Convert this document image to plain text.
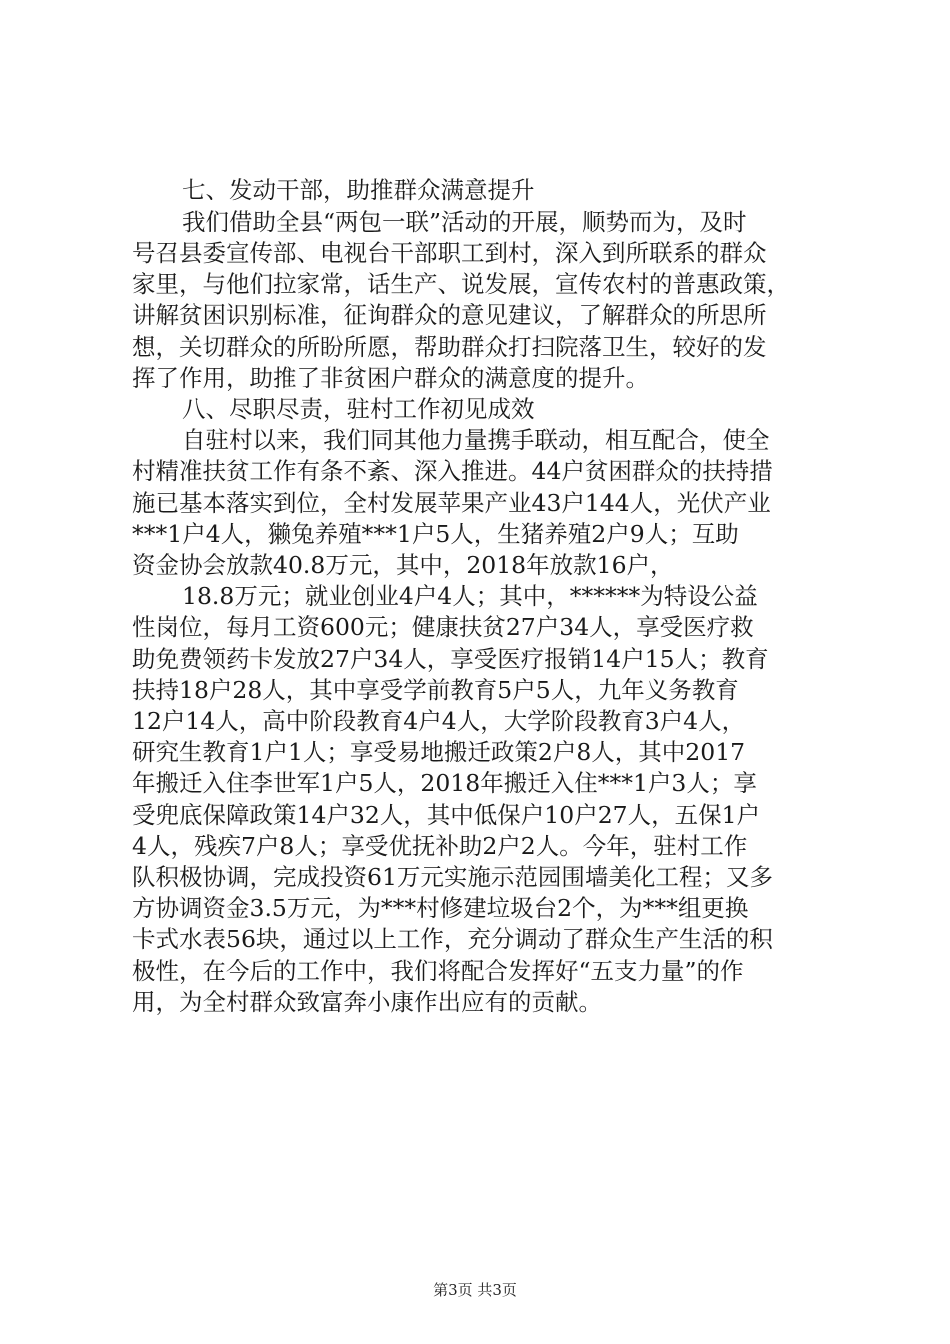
七、发动干部，助推群众满意提升
我们借助全县“两包一联”活动的开展，顺势而为，及时
号召县委宣传部、电视台干部职工到村，深入到所联系的群众
家里，与他们拉家常，话生产、说发展，宣传农村的普惠政策，
讲解贫困识别标准，征询群众的意见建议，了解群众的所思所
想，关切群众的所盼所愿，帮助群众打扫院落卫生，较好的发
挥了作用，助推了非贫困户群众的满意度的提升。
八、尽职尽责，驻村工作初见成效
自驻村以来，我们同其他力量携手联动，相互配合，使全
村精准扶贫工作有条不紊、深入推进。44户贫困群众的扶持措
施已基本落实到位，全村发展苹果产业43户144人，光伏产业
***1户4人，獭兔养殖***1户5人，生猪养殖2户9人；互助
资金协会放款40.8万元，其中，2018年放款16户，
18.8万元；就业创业4户4人；其中，******为特设公益
性岗位，每月工资600元；健康扶贫27户34人，享受医疗救
助免费领药卡发放27户34人，享受医疗报销14户15人；教育
扶持18户28人，其中享受学前教育5户5人，九年义务教育
12户14人，高中阶段教育4户4人，大学阶段教育3户4人，
研究生教育1户1人；享受易地搬迁政策2户8人，其中2017
年搬迁入住李世军1户5人，2018年搬迁入住***1户3人；享
受兜底保障政策14户32人，其中低保户10户27人，五保1户
4人，残疾7户8人；享受优抚补助2户2人。今年，驻村工作
队积极协调，完成投资61万元实施示范园围墙美化工程；又多
方协调资金3.5万元，为***村修建垃圾台2个，为***组更换
卡式水表56块，通过以上工作，充分调动了群众生产生活的积
极性，在今后的工作中，我们将配合发挥好“五支力量”的作
用，为全村群众致富奔小康作出应有的贡献。
第3页 共3页
